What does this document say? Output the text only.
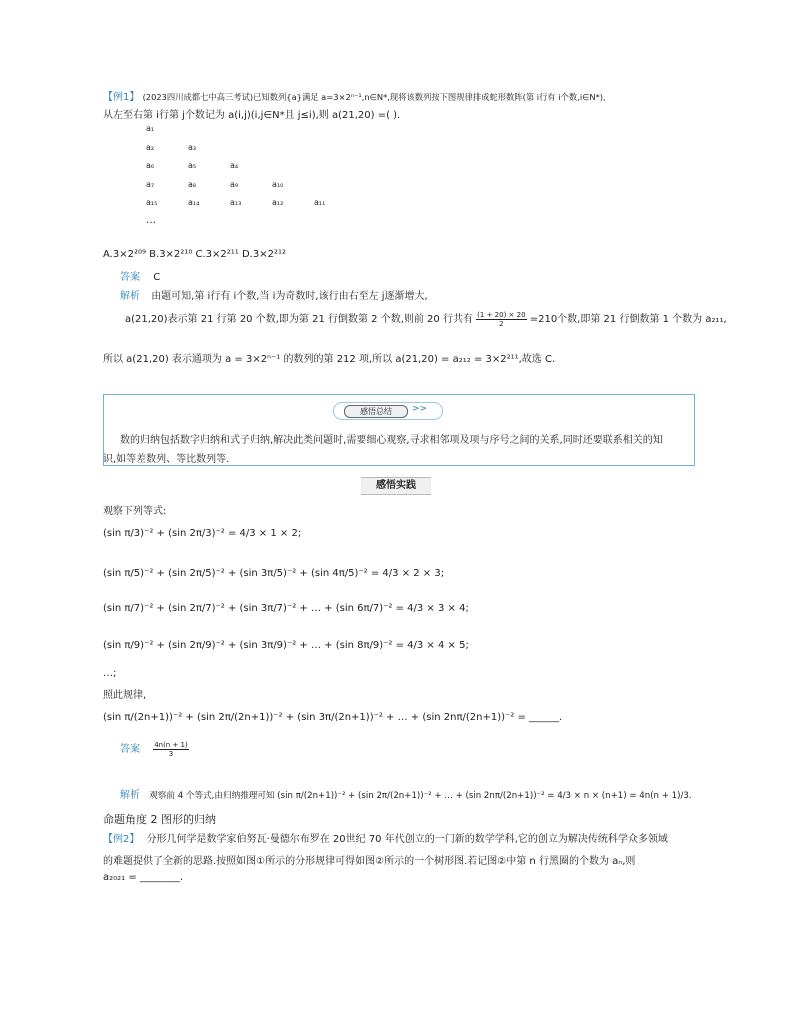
【例1】 (2023四川成都七中高三考试)已知数列{a}满足 a=3×2ⁿ⁻¹,n∈N*,现将该数列按下图规律排成蛇形数阵(第 i行有 i个数,i∈N*),
从左至右第 i行第 j个数记为 a(i,j)(i,j∈N*且 j≤i),则 a(21,20) =( ).
a₁
a₂	a₃
a₆	a₅	a₄
a₇	a₈	a₉	a₁₀
a₁₅	a₁₄	a₁₃	a₁₂	a₁₁
…
A.3×2²⁰⁹ B.3×2²¹⁰ C.3×2²¹¹ D.3×2²¹²
答案 C
解析 由题可知,第 i行有 i个数,当 i为奇数时,该行由右至左 j逐渐增大,
a(21,20)表示第 21 行第 20 个数,即为第 21 行倒数第 2 个数,则前 20 行共有 $\frac{(1 + 20) \times 20}{2} =210$个数,即第 21 行倒数第 1 个数为 a₂₁₁,
所以 a(21,20) 表示通项为 a = 3×2ⁿ⁻¹ 的数列的第 212 项,所以 a(21,20) = a₂₁₂ = 3×2²¹¹,故选 C.
感悟总结	>>
数的归纳包括数字归纳和式子归纳,解决此类问题时,需要细心观察,寻求相邻项及项与序号之间的关系,同时还要联系相关的知
识,如等差数列、等比数列等.
感悟实践
观察下列等式:
(sin π/3)⁻² + (sin 2π/3)⁻² = 4/3 × 1 × 2;
(sin π/5)⁻² + (sin 2π/5)⁻² + (sin 3π/5)⁻² + (sin 4π/5)⁻² = 4/3 × 2 × 3;
(sin π/7)⁻² + (sin 2π/7)⁻² + (sin 3π/7)⁻² + … + (sin 6π/7)⁻² = 4/3 × 3 × 4;
(sin π/9)⁻² + (sin 2π/9)⁻² + (sin 3π/9)⁻² + … + (sin 8π/9)⁻² = 4/3 × 4 × 5;
…;
照此规律,
(sin π/(2n+1))⁻² + (sin 2π/(2n+1))⁻² + (sin 3π/(2n+1))⁻² + … + (sin 2nπ/(2n+1))⁻² = ______.
答案 $\frac{4n(n + 1)}{3}$
解析 观察前 4 个等式,由归纳推理可知 (sin π/(2n+1))⁻² + (sin 2π/(2n+1))⁻² + … + (sin 2nπ/(2n+1))⁻² = 4/3 × n × (n+1) = 4n(n + 1)/3.
命题角度 2 图形的归纳
【例2】 分形几何学是数学家伯努瓦·曼德尔布罗在 20世纪 70 年代创立的一门新的数学学科,它的创立为解决传统科学众多领域
的难题提供了全新的思路.按照如图①所示的分形规律可得如图②所示的一个树形图.若记图②中第 n 行黑圈的个数为 aₙ,则
a₂₀₂₁ = ________.
